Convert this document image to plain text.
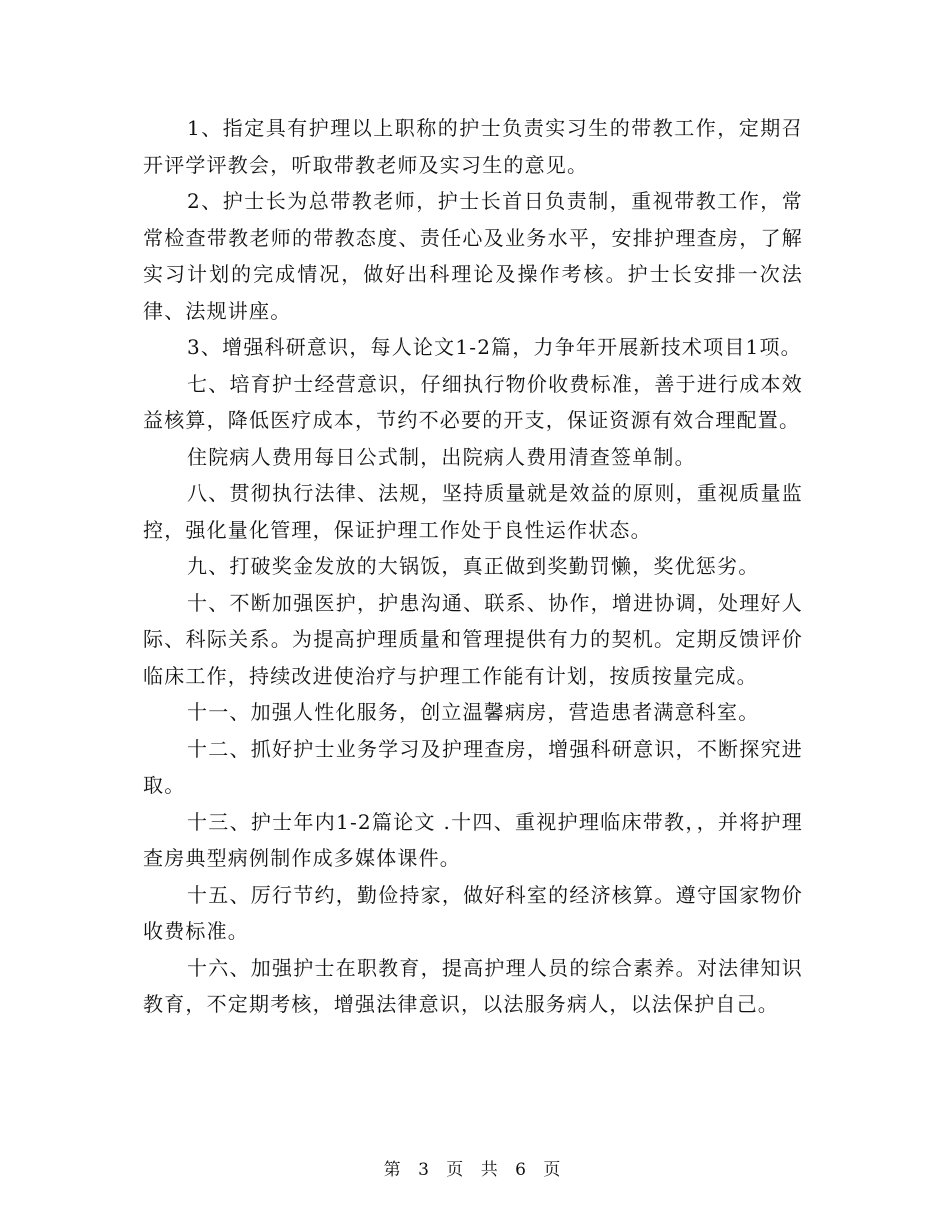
1、指定具有护理以上职称的护士负责实习生的带教工作，定期召开评学评教会，听取带教老师及实习生的意见。

2、护士长为总带教老师，护士长首日负责制，重视带教工作，常常检查带教老师的带教态度、责任心及业务水平，安排护理查房，了解实习计划的完成情况，做好出科理论及操作考核。护士长安排一次法律、法规讲座。

3、增强科研意识，每人论文1-2篇，力争年开展新技术项目1项。

七、培育护士经营意识，仔细执行物价收费标准，善于进行成本效益核算，降低医疗成本，节约不必要的开支，保证资源有效合理配置。

住院病人费用每日公式制，出院病人费用清查签单制。

八、贯彻执行法律、法规，坚持质量就是效益的原则，重视质量监控，强化量化管理，保证护理工作处于良性运作状态。

九、打破奖金发放的大锅饭，真正做到奖勤罚懒，奖优惩劣。

十、不断加强医护，护患沟通、联系、协作，增进协调，处理好人际、科际关系。为提高护理质量和管理提供有力的契机。定期反馈评价临床工作，持续改进使治疗与护理工作能有计划，按质按量完成。

十一、加强人性化服务，创立温馨病房，营造患者满意科室。

十二、抓好护士业务学习及护理查房，增强科研意识，不断探究进取。

十三、护士年内1-2篇论文 .十四、重视护理临床带教，，并将护理查房典型病例制作成多媒体课件。

十五、厉行节约，勤俭持家，做好科室的经济核算。遵守国家物价收费标准。

十六、加强护士在职教育，提高护理人员的综合素养。对法律知识教育，不定期考核，增强法律意识，以法服务病人，以法保护自己。

第 3 页 共 6 页
